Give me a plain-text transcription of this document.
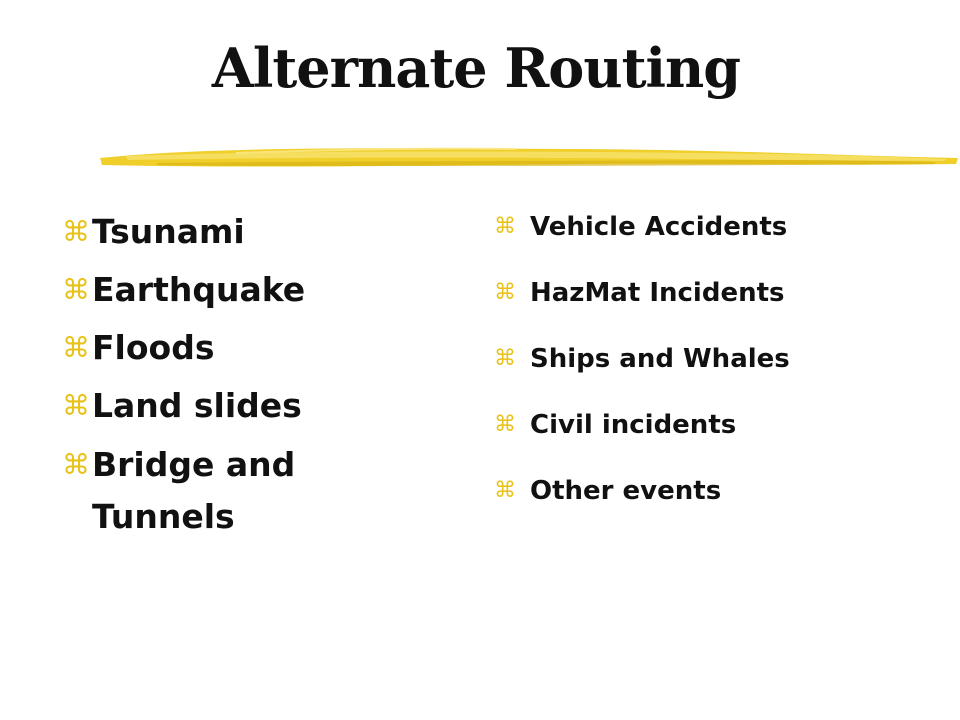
Alternate Routing
⌘ Tsunami
⌘ Earthquake
⌘ Floods
⌘ Land slides
⌘ Bridge and Tunnels
⌘ Vehicle Accidents
⌘ HazMat Incidents
⌘ Ships and Whales
⌘ Civil incidents
⌘ Other events
